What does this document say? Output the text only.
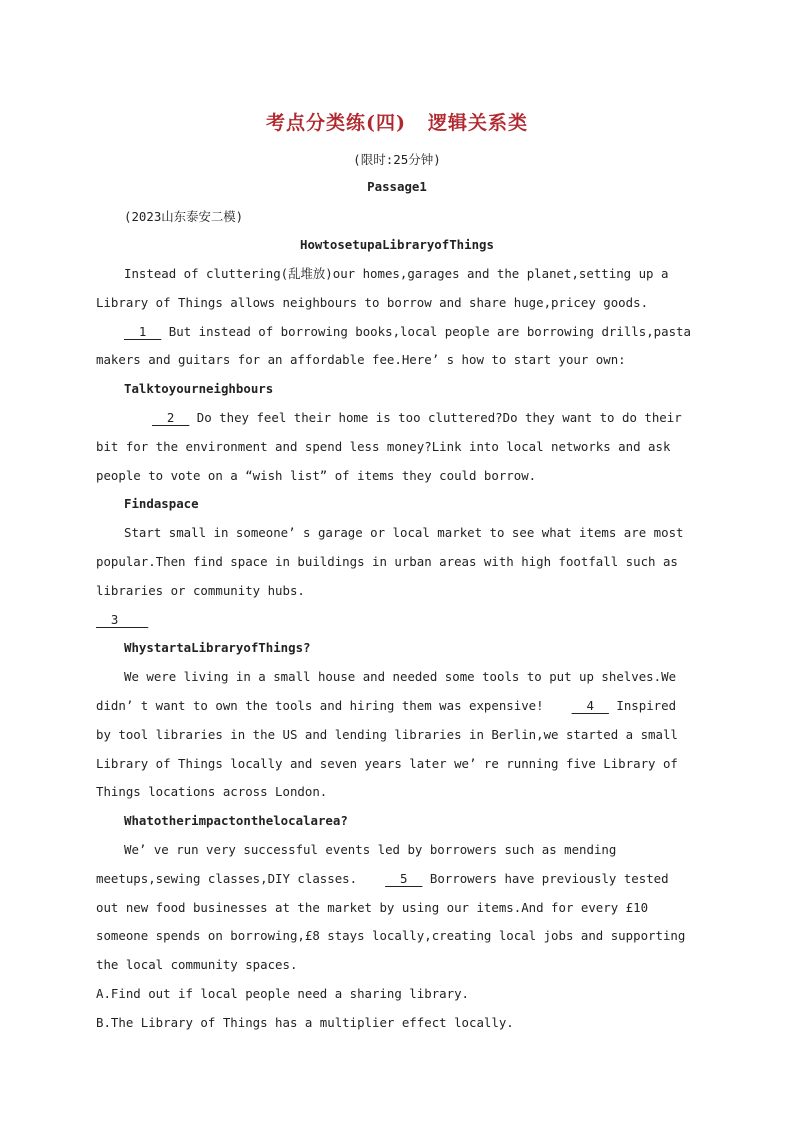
考点分类练(四) 逻辑关系类
(限时:25分钟)
Passage1
(2023山东泰安二模)
HowtosetupaLibraryofThings

Instead of cluttering(乱堆放)our homes,garages and the planet,setting up a Library of Things allows neighbours to borrow and share huge,pricey goods.  1   But instead of borrowing books,local people are borrowing drills,pasta makers and guitars for an affordable fee.Here’ s how to start your own:

Talktoyourneighbours

2   Do they feel their home is too cluttered?Do they want to do their bit for the environment and spend less money?Link into local networks and ask people to vote on a “wish list” of items they could borrow.

Findaspace

Start small in someone’ s garage or local market to see what items are most popular.Then find space in buildings in urban areas with high footfall such as libraries or community hubs.

3

WhystartaLibraryofThings?

We were living in a small house and needed some tools to put up shelves.We didn’ t want to own the tools and hiring them was expensive!  4   Inspired by tool libraries in the US and lending libraries in Berlin,we started a small Library of Things locally and seven years later we’ re running five Library of Things locations across London.

Whatotherimpactonthelocalarea?

We’ ve run very successful events led by borrowers such as mending meetups,sewing classes,DIY classes.  5   Borrowers have previously tested out new food businesses at the market by using our items.And for every £10 someone spends on borrowing,£8 stays locally,creating local jobs and supporting the local community spaces.

A.Find out if local people need a sharing library.

B.The Library of Things has a multiplier effect locally.
